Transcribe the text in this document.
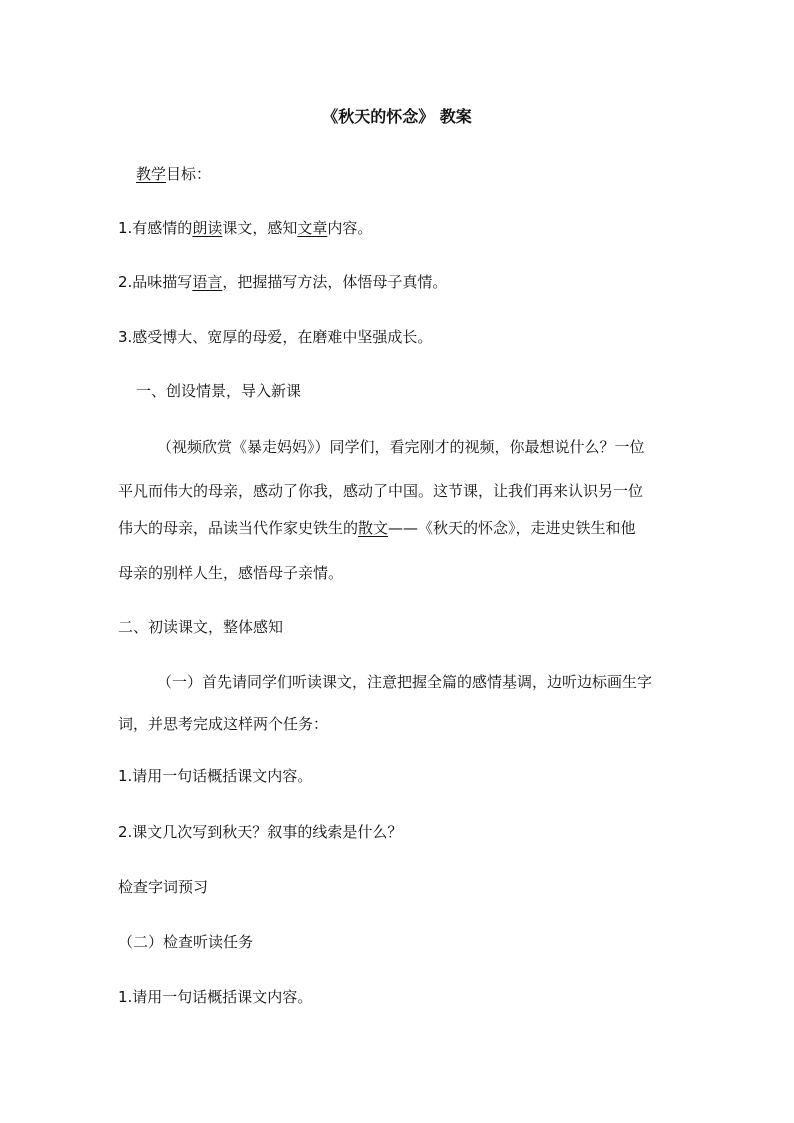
《秋天的怀念》 教案
教学目标：
1.有感情的朗读课文，感知文章内容。
2.品味描写语言，把握描写方法，体悟母子真情。
3.感受博大、宽厚的母爱，在磨难中坚强成长。
一、创设情景，导入新课
（视频欣赏《暴走妈妈》）同学们，看完刚才的视频，你最想说什么？一位
平凡而伟大的母亲，感动了你我，感动了中国。这节课，让我们再来认识另一位
伟大的母亲，品读当代作家史铁生的散文——《秋天的怀念》，走进史铁生和他
母亲的别样人生，感悟母子亲情。
二、初读课文，整体感知
（一）首先请同学们听读课文，注意把握全篇的感情基调，边听边标画生字
词，并思考完成这样两个任务：
1.请用一句话概括课文内容。
2.课文几次写到秋天？叙事的线索是什么？
检查字词预习
（二）检查听读任务
1.请用一句话概括课文内容。
